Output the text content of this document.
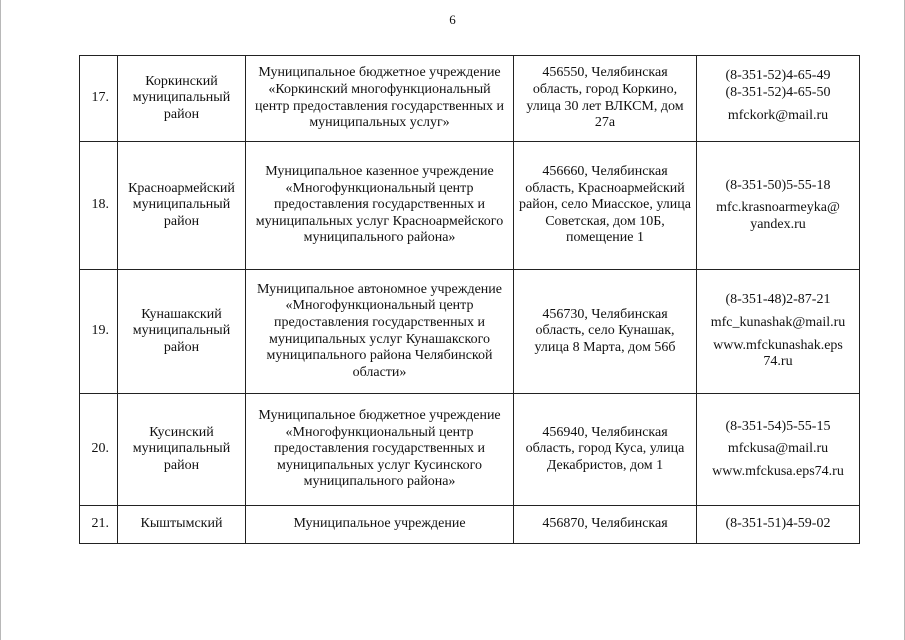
6
17.	Коркинский муниципальный район	Муниципальное бюджетное учреждение «Коркинский многофункциональный центр предоставления государственных и муниципальных услуг»	456550, Челябинская область, город Коркино, улица 30 лет ВЛКСМ, дом 27а	(8-351-52)4-65-49
(8-351-52)4-65-50
mfckork@mail.ru

18.	Красноармейский муниципальный район	Муниципальное казенное учреждение «Многофункциональный центр предоставления государственных и муниципальных услуг Красноармейского муниципального района»	456660, Челябинская область, Красноармейский район, село Миасское, улица Советская, дом 10Б, помещение 1	(8-351-50)5-55-18
mfc.krasnoarmeyka@ yandex.ru

19.	Кунашакский муниципальный район	Муниципальное автономное учреждение «Многофункциональный центр предоставления государственных и муниципальных услуг Кунашакского муниципального района Челябинской области»	456730, Челябинская область, село Кунашак, улица 8 Марта, дом 56б	(8-351-48)2-87-21
mfc_kunashak@mail.ru
www.mfckunashak.eps 74.ru

20.	Кусинский муниципальный район	Муниципальное бюджетное учреждение «Многофункциональный центр предоставления государственных и муниципальных услуг Кусинского муниципального района»	456940, Челябинская область, город Куса, улица Декабристов, дом 1	(8-351-54)5-55-15
mfckusa@mail.ru
www.mfckusa.eps74.ru

21.	Кыштымский	Муниципальное учреждение	456870, Челябинская	(8-351-51)4-59-02
